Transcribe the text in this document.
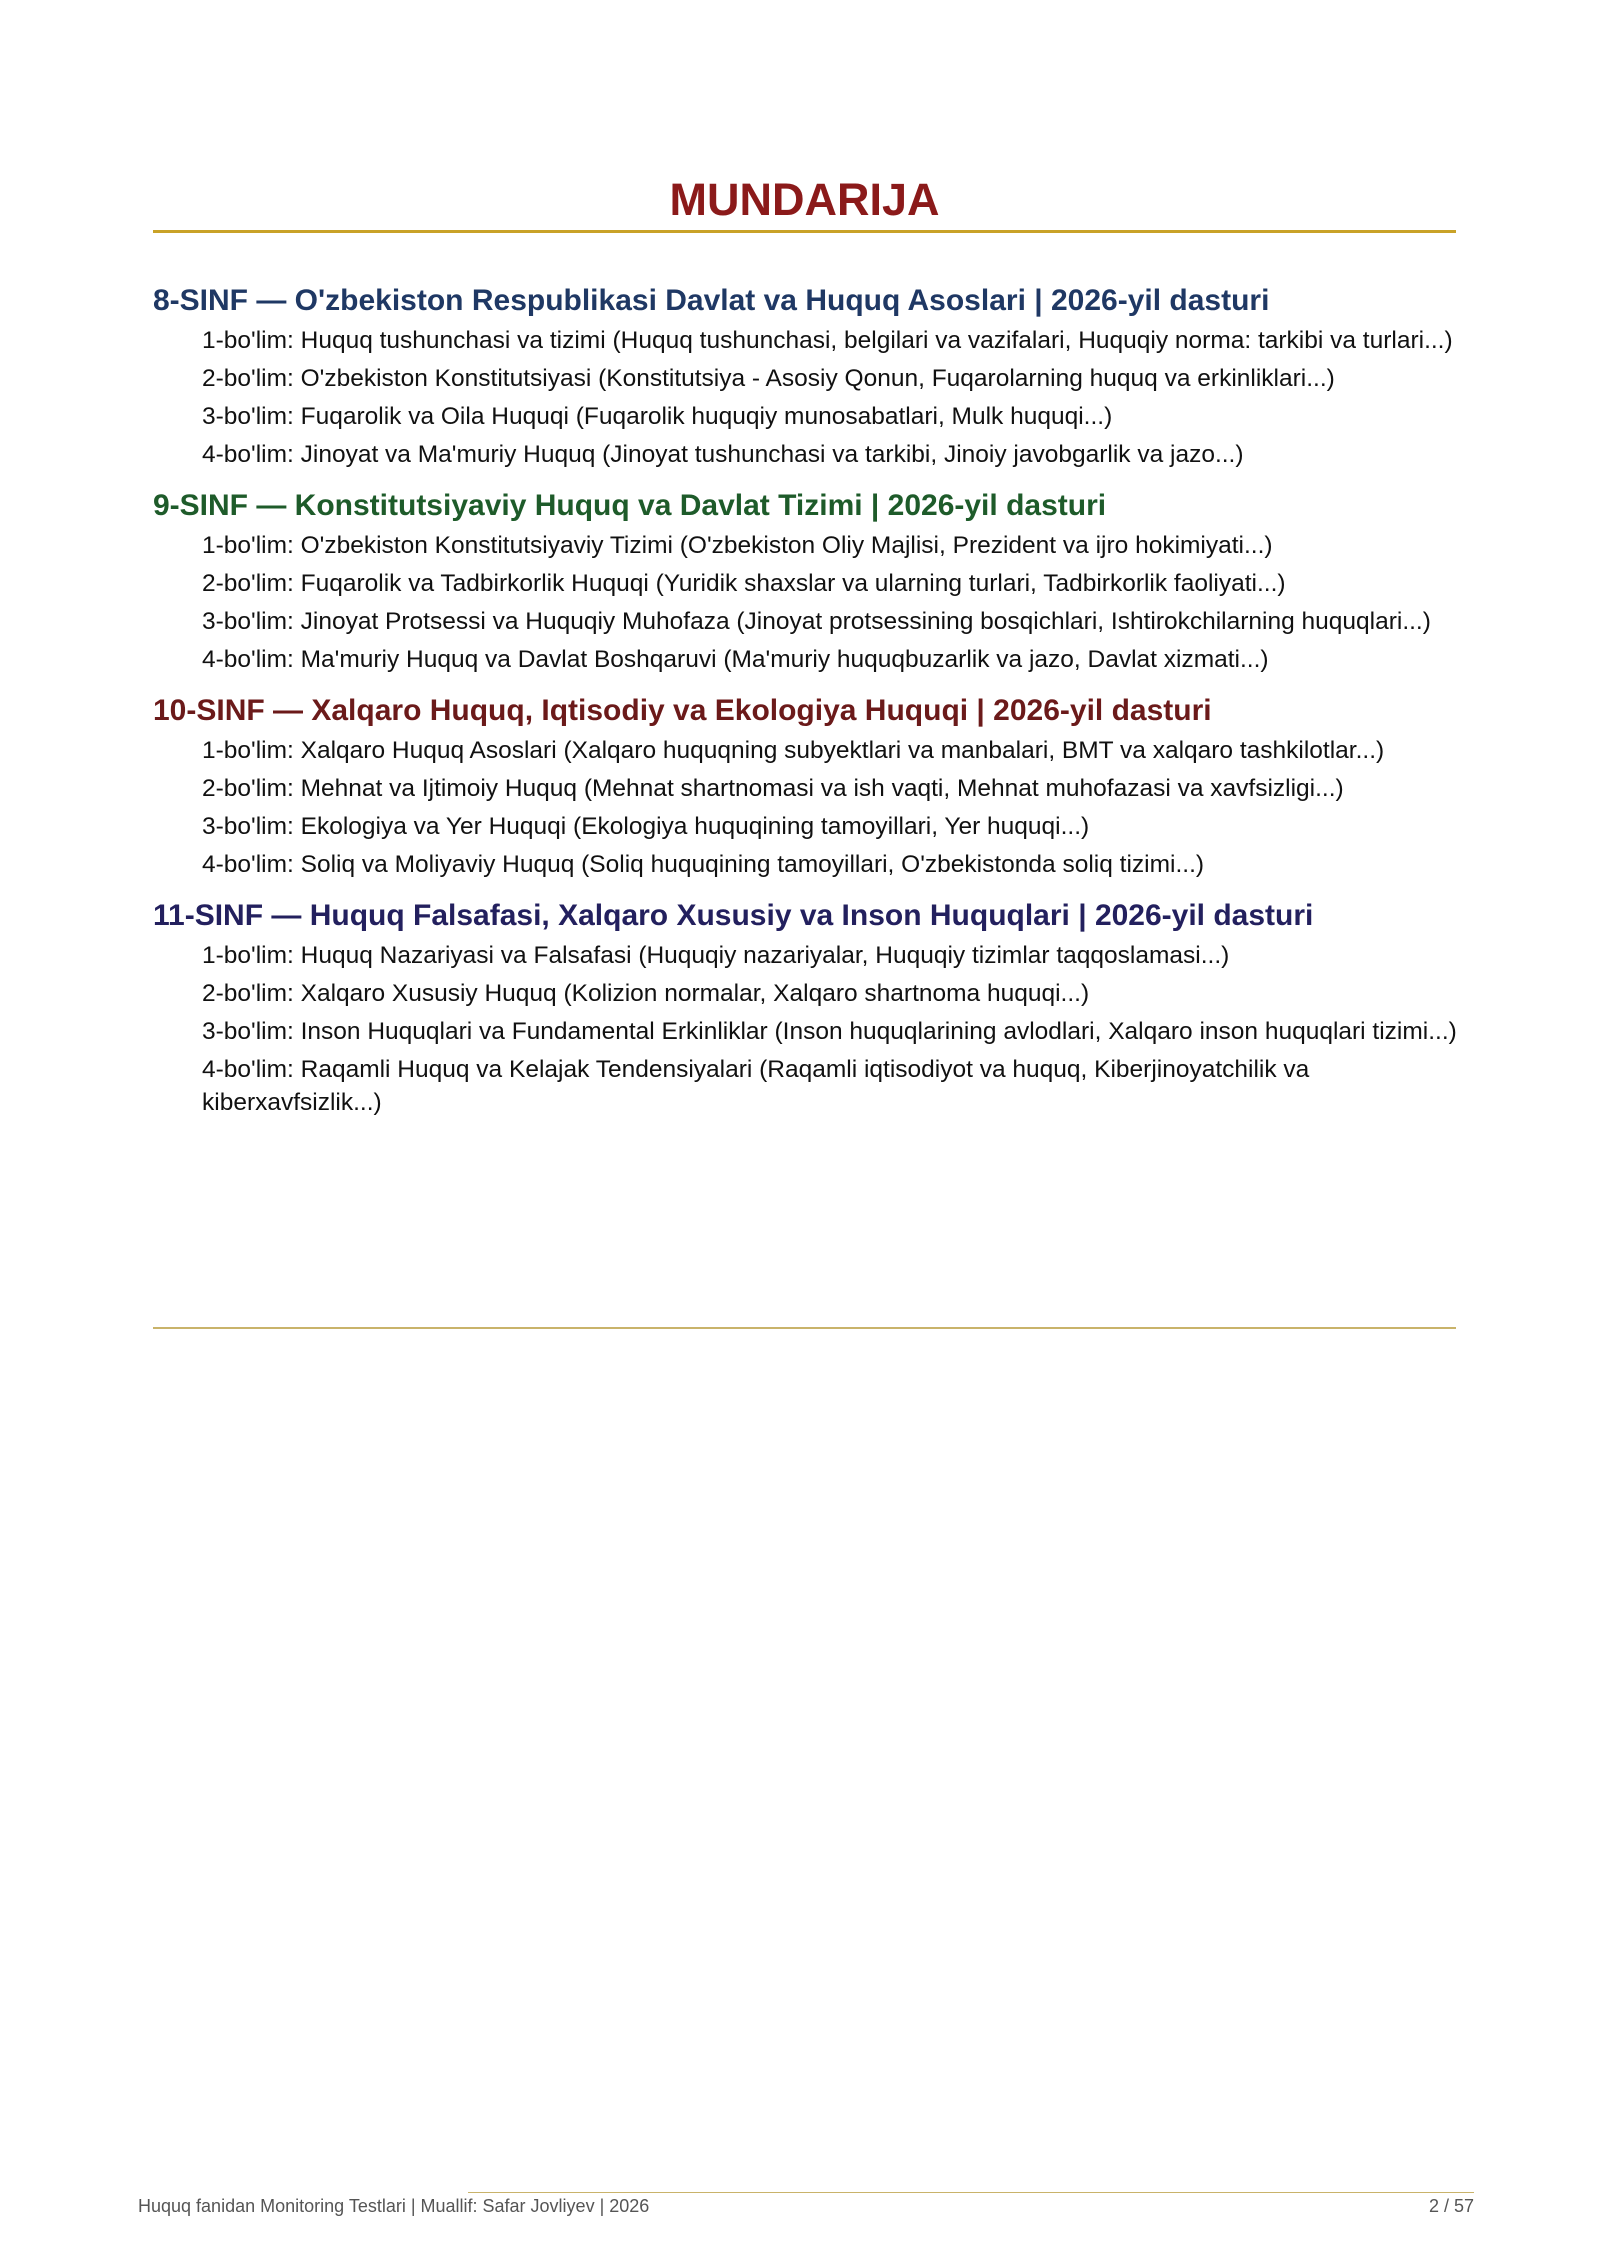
MUNDARIJA
8-SINF — O'zbekiston Respublikasi Davlat va Huquq Asoslari | 2026-yil dasturi
1-bo'lim: Huquq tushunchasi va tizimi (Huquq tushunchasi, belgilari va vazifalari, Huquqiy norma: tarkibi va turlari...)
2-bo'lim: O'zbekiston Konstitutsiyasi (Konstitutsiya - Asosiy Qonun, Fuqarolarning huquq va erkinliklari...)
3-bo'lim: Fuqarolik va Oila Huquqi (Fuqarolik huquqiy munosabatlari, Mulk huquqi...)
4-bo'lim: Jinoyat va Ma'muriy Huquq (Jinoyat tushunchasi va tarkibi, Jinoiy javobgarlik va jazo...)
9-SINF — Konstitutsiyaviy Huquq va Davlat Tizimi | 2026-yil dasturi
1-bo'lim: O'zbekiston Konstitutsiyaviy Tizimi (O'zbekiston Oliy Majlisi, Prezident va ijro hokimiyati...)
2-bo'lim: Fuqarolik va Tadbirkorlik Huquqi (Yuridik shaxslar va ularning turlari, Tadbirkorlik faoliyati...)
3-bo'lim: Jinoyat Protsessi va Huquqiy Muhofaza (Jinoyat protsessining bosqichlari, Ishtirokchilarning huquqlari...)
4-bo'lim: Ma'muriy Huquq va Davlat Boshqaruvi (Ma'muriy huquqbuzarlik va jazo, Davlat xizmati...)
10-SINF — Xalqaro Huquq, Iqtisodiy va Ekologiya Huquqi | 2026-yil dasturi
1-bo'lim: Xalqaro Huquq Asoslari (Xalqaro huquqning subyektlari va manbalari, BMT va xalqaro tashkilotlar...)
2-bo'lim: Mehnat va Ijtimoiy Huquq (Mehnat shartnomasi va ish vaqti, Mehnat muhofazasi va xavfsizligi...)
3-bo'lim: Ekologiya va Yer Huquqi (Ekologiya huquqining tamoyillari, Yer huquqi...)
4-bo'lim: Soliq va Moliyaviy Huquq (Soliq huquqining tamoyillari, O'zbekistonda soliq tizimi...)
11-SINF — Huquq Falsafasi, Xalqaro Xususiy va Inson Huquqlari | 2026-yil dasturi
1-bo'lim: Huquq Nazariyasi va Falsafasi (Huquqiy nazariyalar, Huquqiy tizimlar taqqoslamasi...)
2-bo'lim: Xalqaro Xususiy Huquq (Kolizion normalar, Xalqaro shartnoma huquqi...)
3-bo'lim: Inson Huquqlari va Fundamental Erkinliklar (Inson huquqlarining avlodlari, Xalqaro inson huquqlari tizimi...)
4-bo'lim: Raqamli Huquq va Kelajak Tendensiyalari (Raqamli iqtisodiyot va huquq, Kiberjinoyatchilik va kiberxavfsizlik...)
Huquq fanidan Monitoring Testlari | Muallif: Safar Jovliyev | 2026	2 / 57
